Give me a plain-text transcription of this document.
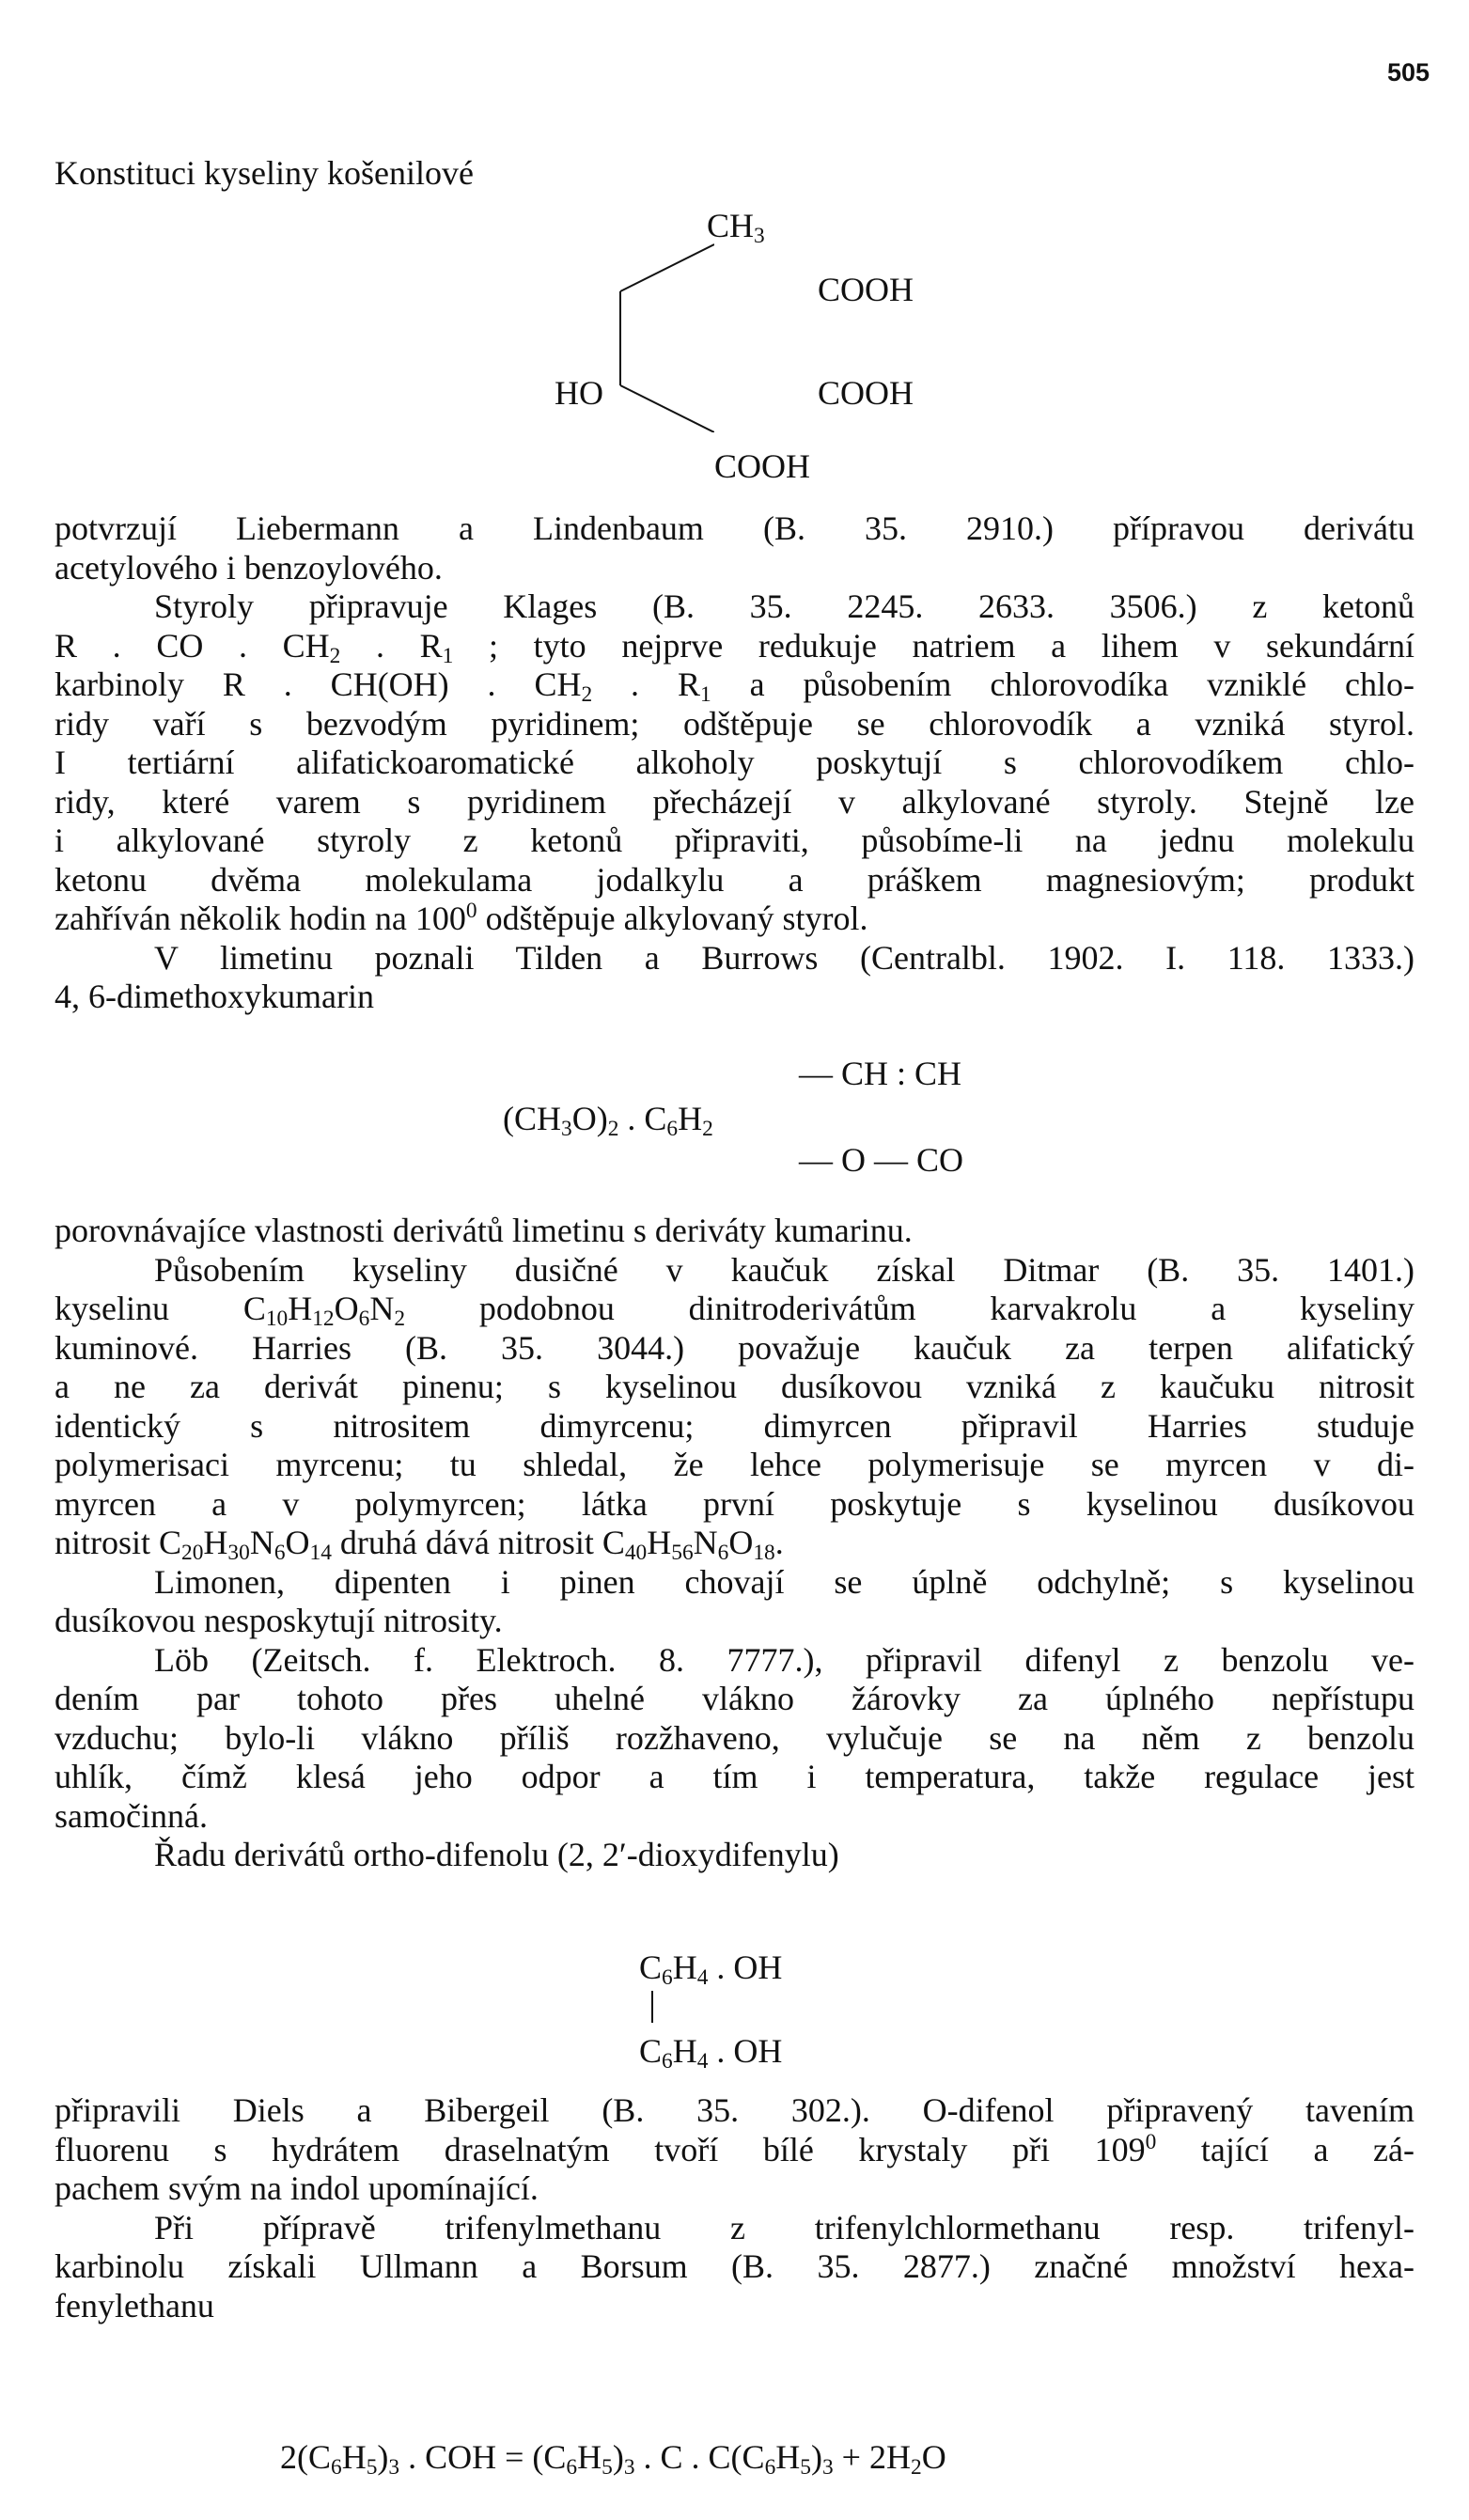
505
Konstituci kyseliny košenilové
$CH_3$
COOH
COOH
HO
COOH
potvrzují Liebermann a Lindenbaum (B. 35. 2910.) přípravou derivátu
acetylového i benzoylového.
Styroly připravuje Klages (B. 35. 2245. 2633. 3506.) z ketonů
R . CO . $CH_2$ . $R_1$ ; tyto nejprve redukuje natriem a lihem v sekundární
karbinoly R . CH(OH) . $CH_2$ . $R_1$ a působením chlorovodíka vzniklé chlo-
ridy vaří s bezvodým pyridinem; odštěpuje se chlorovodík a vzniká styrol.
I tertiární alifatickoaromatické alkoholy poskytují s chlorovodíkem chlo-
ridy, které varem s pyridinem přecházejí v alkylované styroly. Stejně lze
i alkylované styroly z ketonů připraviti, působíme-li na jednu molekulu
ketonu dvěma molekulama jodalkylu a práškem magnesiovým; produkt
zahříván několik hodin na $100^0$ odštěpuje alkylovaný styrol.
V limetinu poznali Tilden a Burrows (Centralbl. 1902. I. 118. 1333.)
4, 6-dimethoxykumarin
— CH : CH
$(CH_3O)_2$ . $C_6H_2$
— O — CO
porovnávajíce vlastnosti derivátů limetinu s deriváty kumarinu.
Působením kyseliny dusičné v kaučuk získal Ditmar (B. 35. 1401.)
kyselinu $C_{10}H_{12}O_6N_2$ podobnou dinitroderivátům karvakrolu a kyseliny
kuminové. Harries (B. 35. 3044.) považuje kaučuk za terpen alifatický
a ne za derivát pinenu; s kyselinou dusíkovou vzniká z kaučuku nitrosit
identický s nitrositem dimyrcenu; dimyrcen připravil Harries studuje
polymerisaci myrcenu; tu shledal, že lehce polymerisuje se myrcen v di-
myrcen a v polymyrcen; látka první poskytuje s kyselinou dusíkovou
nitrosit $C_{20}H_{30}N_6O_{14}$ druhá dává nitrosit $C_{40}H_{56}N_6O_{18}$.
Limonen, dipenten i pinen chovají se úplně odchylně; s kyselinou
dusíkovou nesposkytují nitrosity.
Löb (Zeitsch. f. Elektroch. 8. 7777.), připravil difenyl z benzolu ve-
dením par tohoto přes uhelné vlákno žárovky za úplného nepřístupu
vzduchu; bylo-li vlákno příliš rozžhaveno, vylučuje se na něm z benzolu
uhlík, čímž klesá jeho odpor a tím i temperatura, takže regulace jest
samočinná.
Řadu derivátů ortho-difenolu (2, 2′-dioxydifenylu)
$C_6H_4$ . OH
$C_6H_4$ . OH
připravili Diels a Bibergeil (B. 35. 302.). O-difenol připravený tavením
fluorenu s hydrátem draselnatým tvoří bílé krystaly při $109^0$ tající a zá-
pachem svým na indol upomínající.
Při přípravě trifenylmethanu z trifenylchlormethanu resp. trifenyl-
karbinolu získali Ullmann a Borsum (B. 35. 2877.) značné množství hexa-
fenylethanu
$2(C_6H_5)_3$ . COH = $(C_6H_5)_3$ . C . $C(C_6H_5)_3 + 2H_2O$
